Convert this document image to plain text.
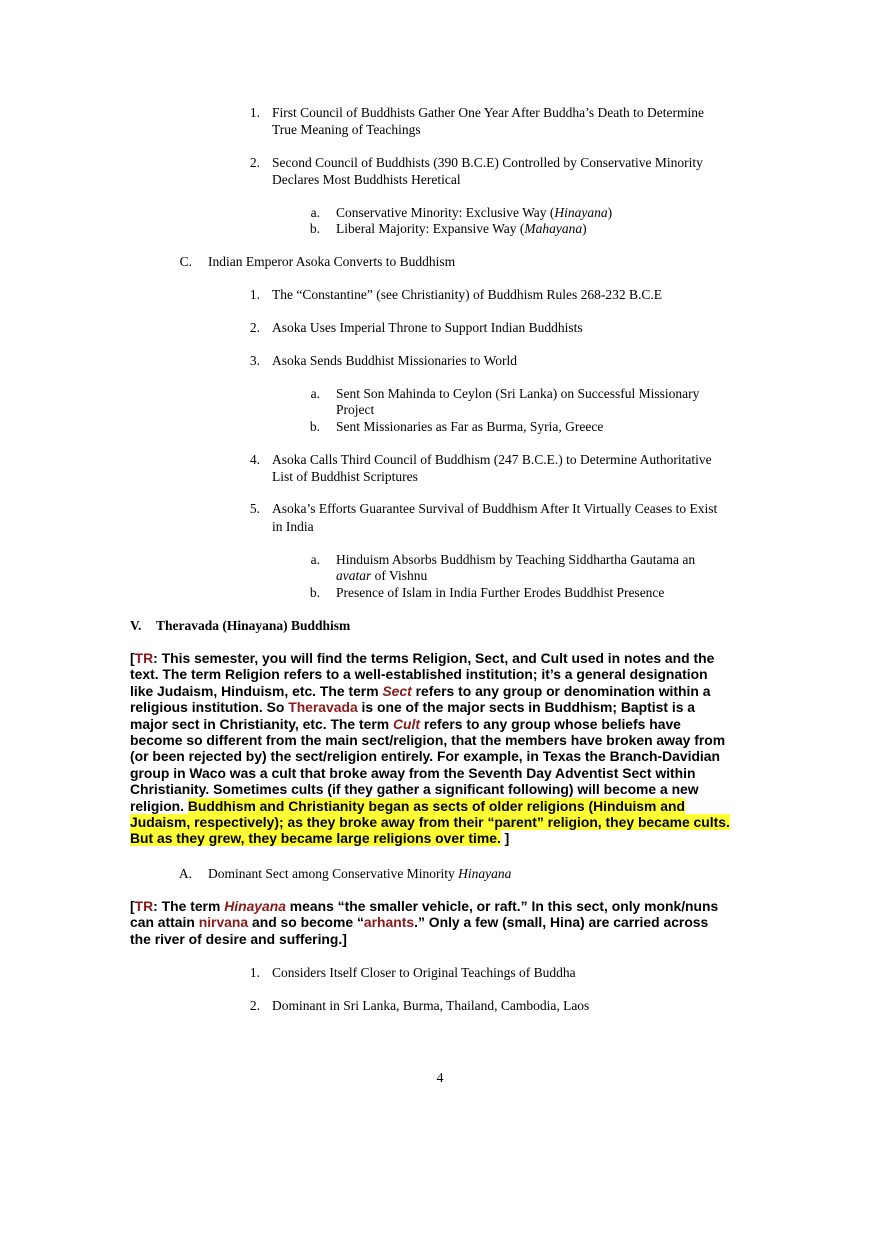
1. First Council of Buddhists Gather One Year After Buddha’s Death to Determine
True Meaning of Teachings
2. Second Council of Buddhists (390 B.C.E) Controlled by Conservative Minority
Declares Most Buddhists Heretical
a. Conservative Minority: Exclusive Way (Hinayana)
b. Liberal Majority: Expansive Way (Mahayana)
C. Indian Emperor Asoka Converts to Buddhism
1. The “Constantine” (see Christianity) of Buddhism Rules 268-232 B.C.E
2. Asoka Uses Imperial Throne to Support Indian Buddhists
3. Asoka Sends Buddhist Missionaries to World
a. Sent Son Mahinda to Ceylon (Sri Lanka) on Successful Missionary
Project
b. Sent Missionaries as Far as Burma, Syria, Greece
4. Asoka Calls Third Council of Buddhism (247 B.C.E.) to Determine Authoritative
List of Buddhist Scriptures
5. Asoka’s Efforts Guarantee Survival of Buddhism After It Virtually Ceases to Exist
in India
a. Hinduism Absorbs Buddhism by Teaching Siddhartha Gautama an
avatar of Vishnu
b. Presence of Islam in India Further Erodes Buddhist Presence
V. Theravada (Hinayana) Buddhism
[TR: This semester, you will find the terms Religion, Sect, and Cult used in notes and the
text. The term Religion refers to a well-established institution; it’s a general designation
like Judaism, Hinduism, etc. The term Sect refers to any group or denomination within a
religious institution. So Theravada is one of the major sects in Buddhism; Baptist is a
major sect in Christianity, etc. The term Cult refers to any group whose beliefs have
become so different from the main sect/religion, that the members have broken away from
(or been rejected by) the sect/religion entirely. For example, in Texas the Branch-Davidian
group in Waco was a cult that broke away from the Seventh Day Adventist Sect within
Christianity. Sometimes cults (if they gather a significant following) will become a new
religion. Buddhism and Christianity began as sects of older religions (Hinduism and
Judaism, respectively); as they broke away from their “parent” religion, they became cults.
But as they grew, they became large religions over time. ]
A. Dominant Sect among Conservative Minority Hinayana
[TR: The term Hinayana means “the smaller vehicle, or raft.” In this sect, only monk/nuns
can attain nirvana and so become “arhants.” Only a few (small, Hina) are carried across
the river of desire and suffering.]
1. Considers Itself Closer to Original Teachings of Buddha
2. Dominant in Sri Lanka, Burma, Thailand, Cambodia, Laos
4
